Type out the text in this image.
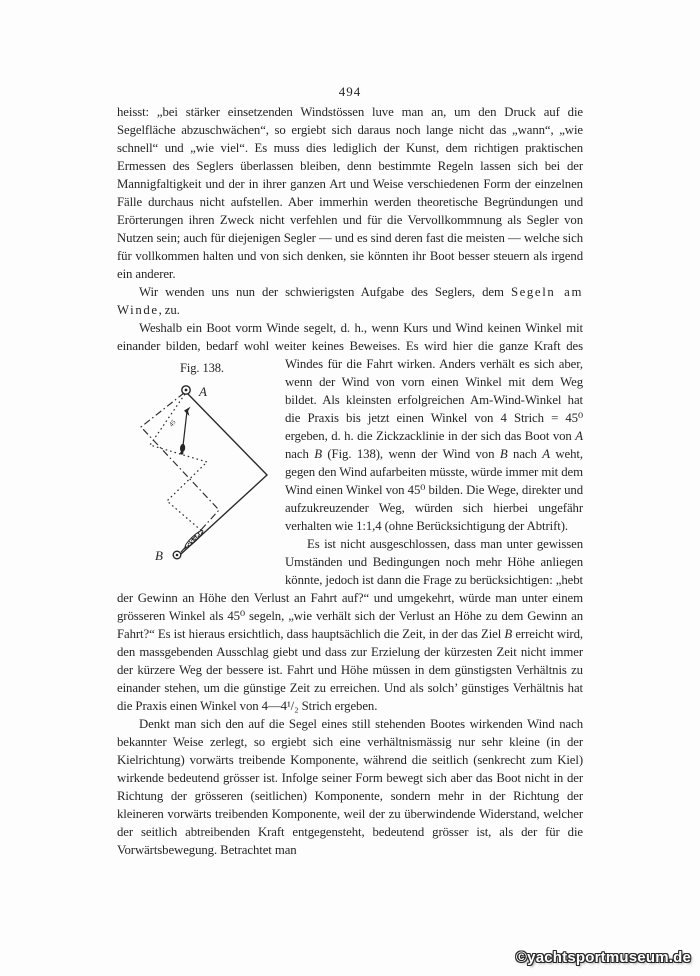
494

heisst: „bei stärker einsetzenden Windstössen luve man an, um den Druck auf die Segelfläche abzuschwächen“, so ergiebt sich daraus noch lange nicht das „wann“, „wie schnell“ und „wie viel“. Es muss dies lediglich der Kunst, dem richtigen praktischen Ermessen des Seglers überlassen bleiben, denn bestimmte Regeln lassen sich bei der Mannigfaltigkeit und der in ihrer ganzen Art und Weise verschiedenen Form der einzelnen Fälle durchaus nicht aufstellen. Aber immerhin werden theoretische Begründungen und Erörterungen ihren Zweck nicht verfehlen und für die Vervollkommnung als Segler von Nutzen sein; auch für diejenigen Segler — und es sind deren fast die meisten — welche sich für vollkommen halten und von sich denken, sie könnten ihr Boot besser steuern als irgend ein anderer.

Wir wenden uns nun der schwierigsten Aufgabe des Seglers, dem Segeln am Winde, zu.

Weshalb ein Boot vorm Winde segelt, d. h., wenn Kurs und Wind keinen Winkel mit einander bilden, bedarf wohl weiter keines Beweises. Es wird hier
Fig. 138.
45
A
B
die ganze Kraft des Windes für die Fahrt wirken. Anders verhält es sich aber, wenn der Wind von vorn einen Winkel mit dem Weg bildet. Als kleinsten erfolgreichen Am-Wind-Winkel hat die Praxis bis jetzt einen Winkel von 4 Strich = 45⁰ ergeben, d. h. die Zickzacklinie in der sich das Boot von A nach B (Fig. 138), wenn der Wind von B nach A weht, gegen den Wind aufarbeiten müsste, würde immer mit dem Wind einen Winkel von 45⁰ bilden. Die Wege, direkter und aufzukreuzender Weg, würden sich hierbei ungefähr verhalten wie 1:1,4 (ohne Berücksichtigung der Abtrift).

Es ist nicht ausgeschlossen, dass man unter gewissen Umständen und Bedingungen noch mehr Höhe anliegen könnte, jedoch ist dann die Frage zu berücksichtigen: „hebt der Gewinn an Höhe den Verlust an Fahrt auf?“ und umgekehrt, würde man unter einem grösseren Winkel als 45⁰ segeln, „wie verhält sich der Verlust an Höhe zu dem Gewinn an Fahrt?“ Es ist hieraus ersichtlich, dass hauptsächlich die Zeit, in der das Ziel B erreicht wird, den massgebenden Ausschlag giebt und dass zur Erzielung der kürzesten Zeit nicht immer der kürzere Weg der bessere ist. Fahrt und Höhe müssen in dem günstigsten Verhältnis zu einander stehen, um die günstige Zeit zu erreichen. Und als solch’ günstiges Verhältnis hat die Praxis einen Winkel von 4—4¹/₂ Strich ergeben.

Denkt man sich den auf die Segel eines still stehenden Bootes wirkenden Wind nach bekannter Weise zerlegt, so ergiebt sich eine verhältnismässig nur sehr kleine (in der Kielrichtung) vorwärts treibende Komponente, während die seitlich (senkrecht zum Kiel) wirkende bedeutend grösser ist. Infolge seiner Form bewegt sich aber das Boot nicht in der Richtung der grösseren (seitlichen) Komponente, sondern mehr in der Richtung der kleineren vorwärts treibenden Komponente, weil der zu überwindende Widerstand, welcher der seitlich abtreibenden Kraft entgegensteht, bedeutend grösser ist, als der für die Vorwärtsbewegung. Betrachtet man

©yachtsportmuseum.de
